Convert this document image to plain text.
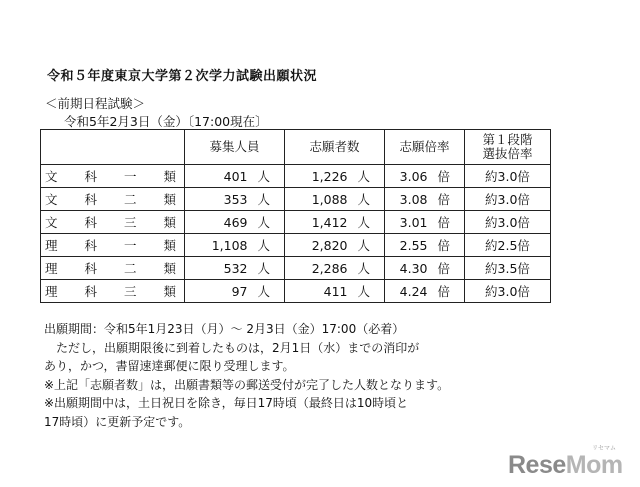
令和５年度東京大学第２次学力試験出願状況
＜前期日程試験＞
令和5年2月3日（金）〔17:00現在〕
	募集人員	志願者数	志願倍率	第１段階
選抜倍率

文 科 一 類	401 人	1,226 人	3.06 倍	約3.0倍

文 科 二 類	353 人	1,088 人	3.08 倍	約3.0倍

文 科 三 類	469 人	1,412 人	3.01 倍	約3.0倍

理 科 一 類	1,108 人	2,820 人	2.55 倍	約2.5倍

理 科 二 類	532 人	2,286 人	4.30 倍	約3.5倍

理 科 三 類	97 人	411 人	4.24 倍	約3.0倍
出願期間：令和5年1月23日（月）～ 2月3日（金）17:00（必着）
　ただし，出願期限後に到着したものは，2月1日（水）までの消印が
あり，かつ，書留速達郵便に限り受理します。
※上記「志願者数」は，出願書類等の郵送受付が完了した人数となります。
※出願期間中は，土日祝日を除き，毎日17時頃（最終日は10時頃と
17時頃）に更新予定です。
リセマム
ReseMom
